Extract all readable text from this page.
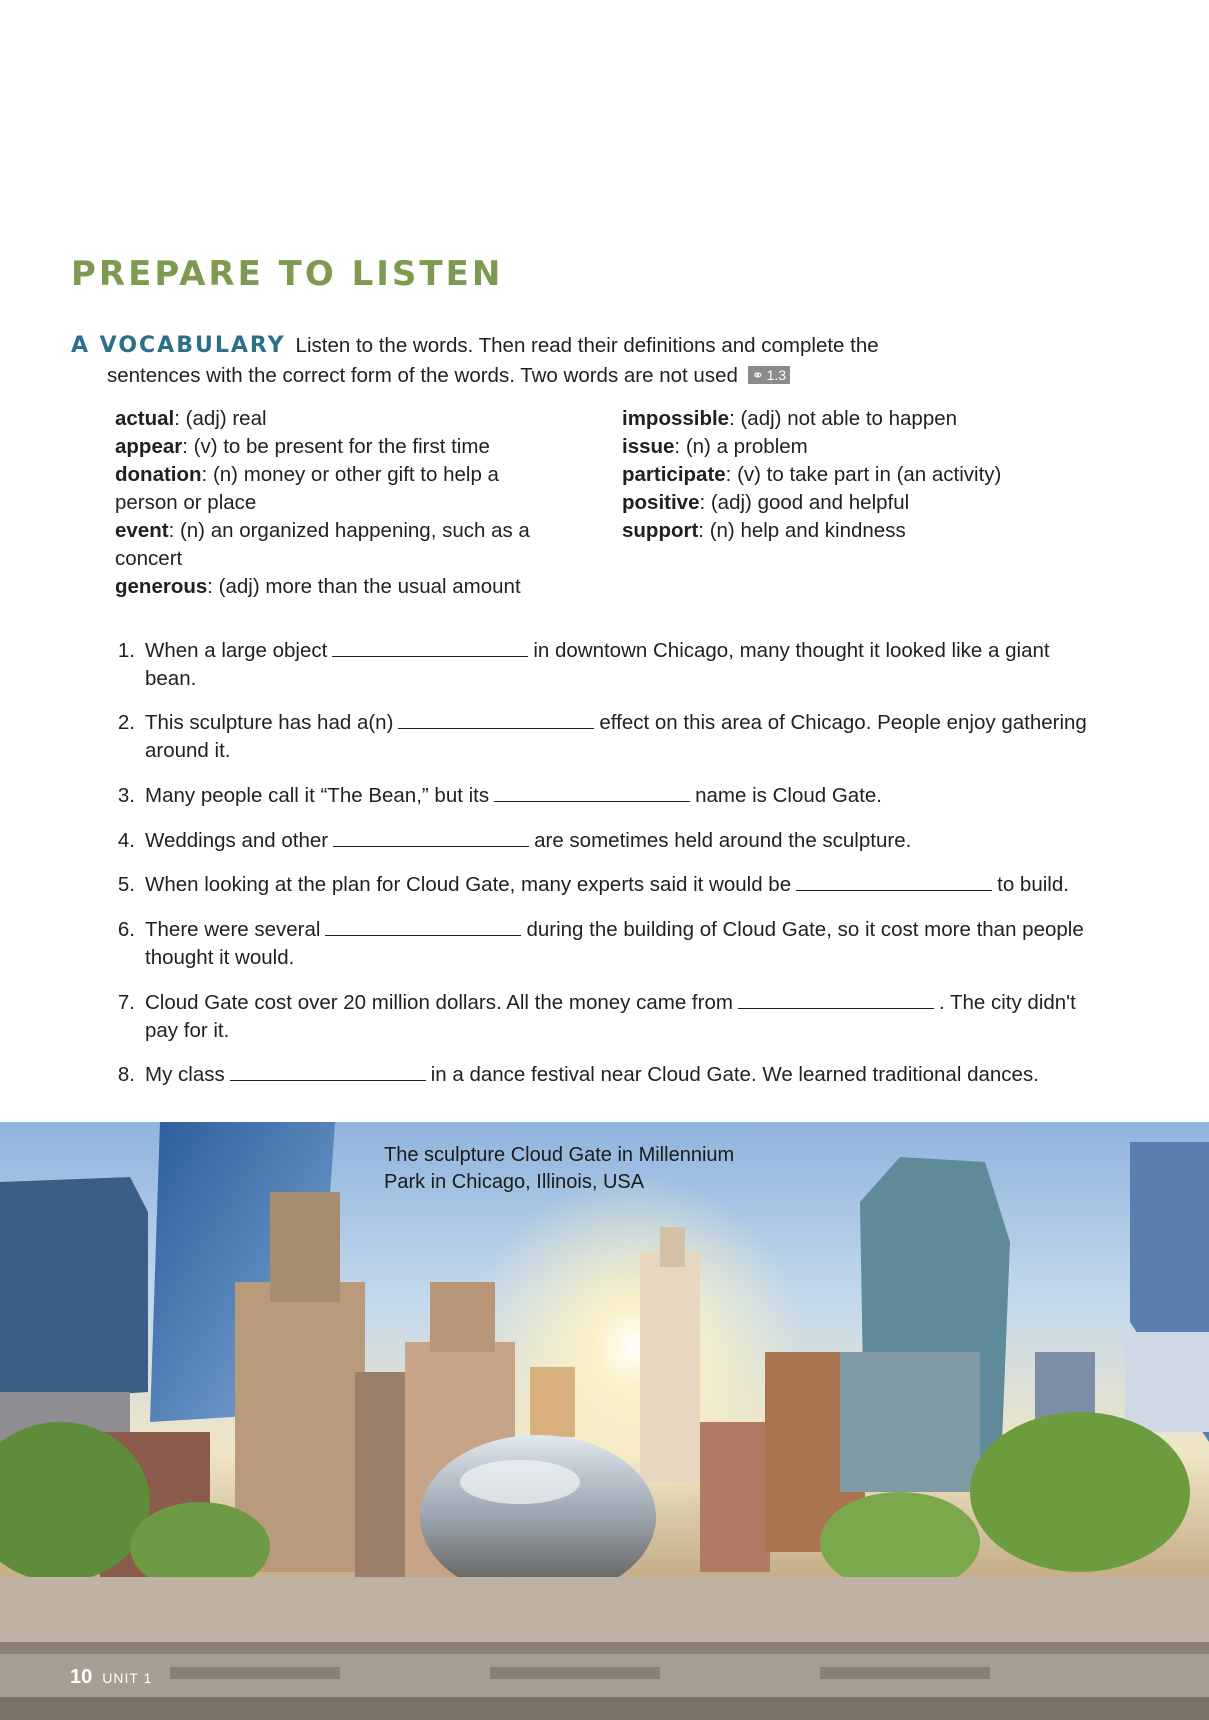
PREPARE TO LISTEN
A VOCABULARY Listen to the words. Then read their definitions and complete the
sentences with the correct form of the words. Two words are not used ⚭ 1.3
actual: (adj) real
appear: (v) to be present for the first time
donation: (n) money or other gift to help a person or place
event: (n) an organized happening, such as a concert
generous: (adj) more than the usual amount
impossible: (adj) not able to happen
issue: (n) a problem
participate: (v) to take part in (an activity)
positive: (adj) good and helpful
support: (n) help and kindness
1. When a large object	in downtown Chicago, many thought it looked like a giant bean.
2. This sculpture has had a(n)	effect on this area of Chicago. People enjoy gathering around it.
3. Many people call it “The Bean,” but its	name is Cloud Gate.
4. Weddings and other	are sometimes held around the sculpture.
5. When looking at the plan for Cloud Gate, many experts said it would be	to build.
6. There were several	during the building of Cloud Gate, so it cost more than people thought it would.
7. Cloud Gate cost over 20 million dollars. All the money came from	. The city didn't pay for it.
8. My class	in a dance festival near Cloud Gate. We learned traditional dances.
The sculpture Cloud Gate in Millennium
Park in Chicago, Illinois, USA
10 UNIT 1
